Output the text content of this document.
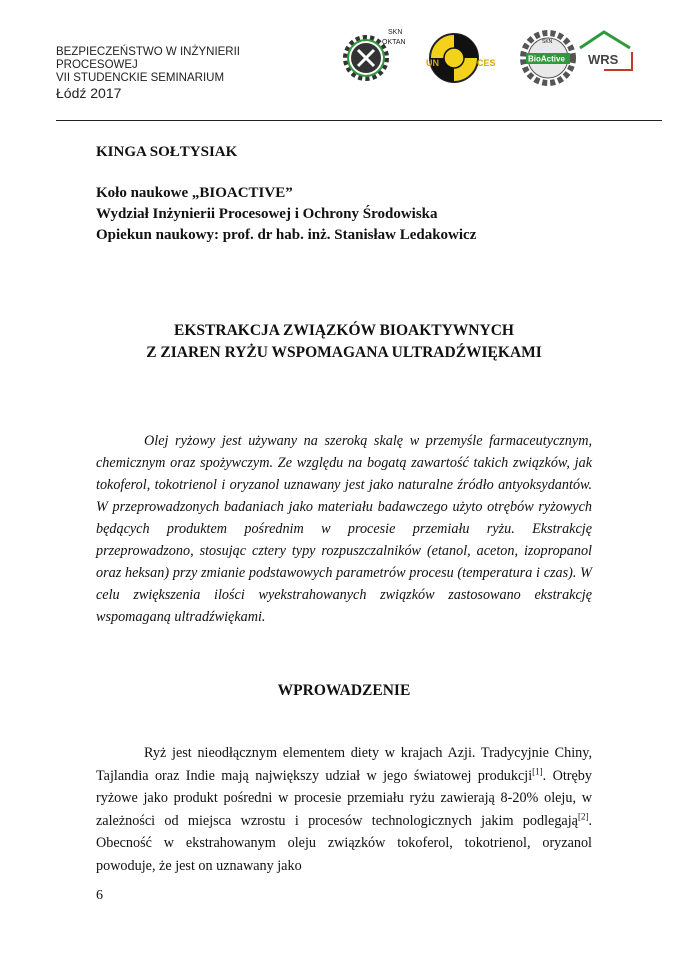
BEZPIECZEŃSTWO W INŻYNIERII
PROCESOWEJ
VII STUDENCKIE SEMINARIUM
Łódź 2017
SKN
OKTAN
UN	CES
SKN
BioActive WRS
KINGA SOŁTYSIAK
Koło naukowe „BIOACTIVE”
Wydział Inżynierii Procesowej i Ochrony Środowiska
Opiekun naukowy: prof. dr hab. inż. Stanisław Ledakowicz
EKSTRAKCJA ZWIĄZKÓW BIOAKTYWNYCH
Z ZIAREN RYŻU WSPOMAGANA ULTRADŹWIĘKAMI

Olej ryżowy jest używany na szeroką skalę w przemyśle farmaceutycznym, chemicznym oraz spożywczym. Ze względu na bogatą zawartość takich związków, jak tokoferol, tokotrienol i oryzanol uznawany jest jako naturalne źródło antyoksydantów. W przeprowadzonych badaniach jako materiału badawczego użyto otrębów ryżowych będących produktem pośrednim w procesie przemiału ryżu. Ekstrakcję przeprowadzono, stosując cztery typy rozpuszczalników (etanol, aceton, izopropanol oraz heksan) przy zmianie podstawowych parametrów procesu (temperatura i czas). W celu zwiększenia ilości wyekstrahowanych związków zastosowano ekstrakcję wspomaganą ultradźwiękami.

WPROWADZENIE

Ryż jest nieodłącznym elementem diety w krajach Azji. Tradycyjnie Chiny, Tajlandia oraz Indie mają największy udział w jego światowej produkcji[1]. Otręby ryżowe jako produkt pośredni w procesie przemiału ryżu zawierają 8-20% oleju, w zależności od miejsca wzrostu i procesów technologicznych jakim podlegają[2]. Obecność w ekstrahowanym oleju związków tokoferol, tokotrienol, oryzanol powoduje, że jest on uznawany jako

6
